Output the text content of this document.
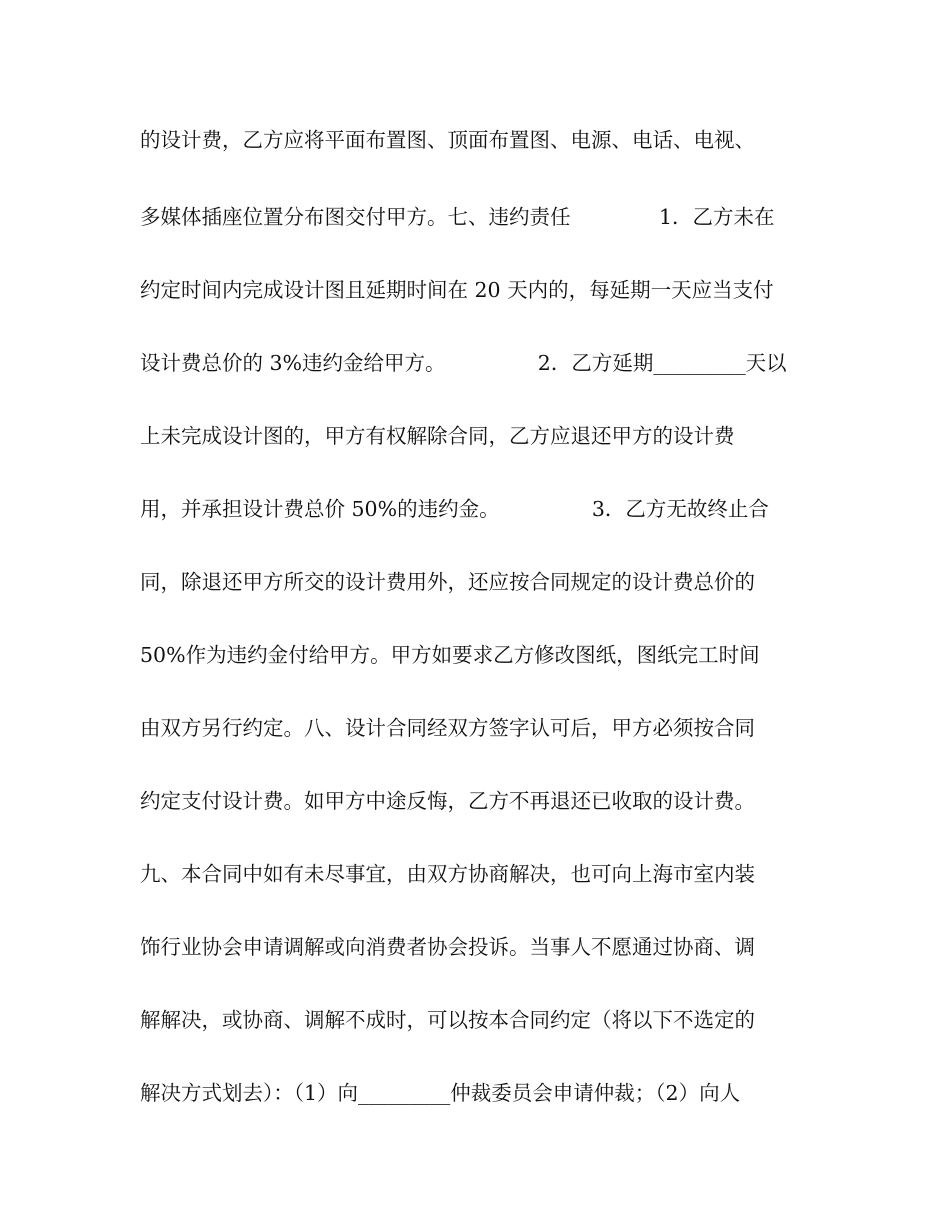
的设计费，乙方应将平面布置图、顶面布置图、电源、电话、电视、
多媒体插座位置分布图交付甲方。七、违约责任　　　　 1．乙方未在
约定时间内完成设计图且延期时间在 20 天内的，每延期一天应当支付
设计费总价的 3%违约金给甲方。　　　　　2．乙方延期_________天以
上未完成设计图的，甲方有权解除合同，乙方应退还甲方的设计费
用，并承担设计费总价 50%的违约金。　　　　　3．乙方无故终止合
同，除退还甲方所交的设计费用外，还应按合同规定的设计费总价的
50%作为违约金付给甲方。甲方如要求乙方修改图纸，图纸完工时间
由双方另行约定。八、设计合同经双方签字认可后，甲方必须按合同
约定支付设计费。如甲方中途反悔，乙方不再退还已收取的设计费。
九、本合同中如有未尽事宜，由双方协商解决，也可向上海市室内装
饰行业协会申请调解或向消费者协会投诉。当事人不愿通过协商、调
解解决，或协商、调解不成时，可以按本合同约定（将以下不选定的
解决方式划去）：（1）向_________仲裁委员会申请仲裁；（2）向人
